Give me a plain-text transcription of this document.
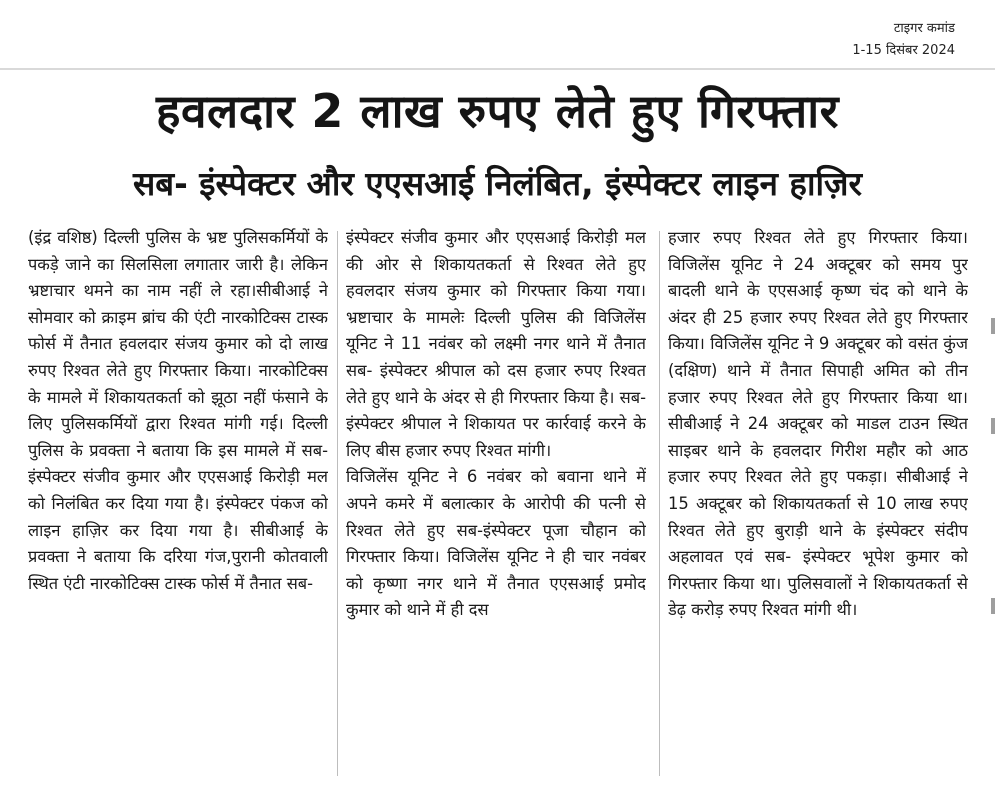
टाइगर कमांड
1-15 दिसंबर 2024
हवलदार 2 लाख रुपए लेते हुए गिरफ्तार
सब- इंस्पेक्टर और एएसआई निलंबित, इंस्पेक्टर लाइन हाज़िर

(इंद्र वशिष्ठ) दिल्ली पुलिस के भ्रष्ट पुलिसकर्मियों के पकड़े जाने का सिलसिला लगातार जारी है। लेकिन भ्रष्टाचार थमने का नाम नहीं ले रहा।सीबीआई ने सोमवार को क्राइम ब्रांच की एंटी नारकोटिक्स टास्क फोर्स में तैनात हवलदार संजय कुमार को दो लाख रुपए रिश्वत लेते हुए गिरफ्तार किया। नारकोटिक्स के मामले में शिकायतकर्ता को झूठा नहीं फंसाने के लिए पुलिसकर्मियों द्वारा रिश्वत मांगी गई। दिल्ली पुलिस के प्रवक्ता ने बताया कि इस मामले में सब- इंस्पेक्टर संजीव कुमार और एएसआई किरोड़ी मल को निलंबित कर दिया गया है। इंस्पेक्टर पंकज को लाइन हाज़िर कर दिया गया है। सीबीआई के प्रवक्ता ने बताया कि दरिया गंज,पुरानी कोतवाली स्थित एंटी नारकोटिक्स टास्क फोर्स में तैनात सब-

इंस्पेक्टर संजीव कुमार और एएसआई किरोड़ी मल की ओर से शिकायतकर्ता से रिश्वत लेते हुए हवलदार संजय कुमार को गिरफ्तार किया गया। भ्रष्टाचार के मामलेः दिल्ली पुलिस की विजिलेंस यूनिट ने 11 नवंबर को लक्ष्मी नगर थाने में तैनात सब- इंस्पेक्टर श्रीपाल को दस हजार रुपए रिश्वत लेते हुए थाने के अंदर से ही गिरफ्तार किया है। सब-इंस्पेक्टर श्रीपाल ने शिकायत पर कार्रवाई करने के लिए बीस हजार रुपए रिश्वत मांगी।

विजिलेंस यूनिट ने 6 नवंबर को बवाना थाने में अपने कमरे में बलात्कार के आरोपी की पत्नी से रिश्वत लेते हुए सब-इंस्पेक्टर पूजा चौहान को गिरफ्तार किया। विजिलेंस यूनिट ने ही चार नवंबर को कृष्णा नगर थाने में तैनात एएसआई प्रमोद कुमार को थाने में ही दस

हजार रुपए रिश्वत लेते हुए गिरफ्तार किया।विजिलेंस यूनिट ने 24 अक्टूबर को समय पुर बादली थाने के एएसआई कृष्ण चंद को थाने के अंदर ही 25 हजार रुपए रिश्वत लेते हुए गिरफ्तार किया। विजिलेंस यूनिट ने 9 अक्टूबर को वसंत कुंज (दक्षिण) थाने में तैनात सिपाही अमित को तीन हजार रुपए रिश्वत लेते हुए गिरफ्तार किया था। सीबीआई ने 24 अक्टूबर को माडल टाउन स्थित साइबर थाने के हवलदार गिरीश महौर को आठ हजार रुपए रिश्वत लेते हुए पकड़ा। सीबीआई ने 15 अक्टूबर को शिकायतकर्ता से 10 लाख रुपए रिश्वत लेते हुए बुराड़ी थाने के इंस्पेक्टर संदीप अहलावत एवं सब- इंस्पेक्टर भूपेश कुमार को गिरफ्तार किया था। पुलिसवालों ने शिकायतकर्ता से डेढ़ करोड़ रुपए रिश्वत मांगी थी।
